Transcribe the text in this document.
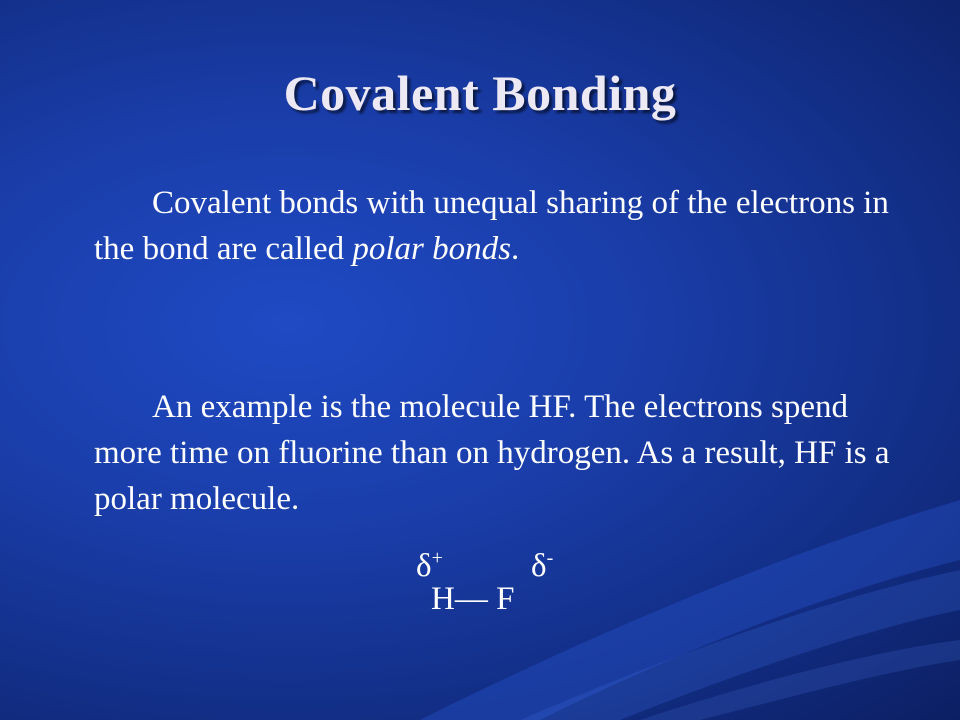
Covalent Bonding
Covalent bonds with unequal sharing of the electrons in the bond are called polar bonds.
An example is the molecule HF. The electrons spend more time on fluorine than on hydrogen. As a result, HF is a polar molecule.
δ+	δ-
H— F
